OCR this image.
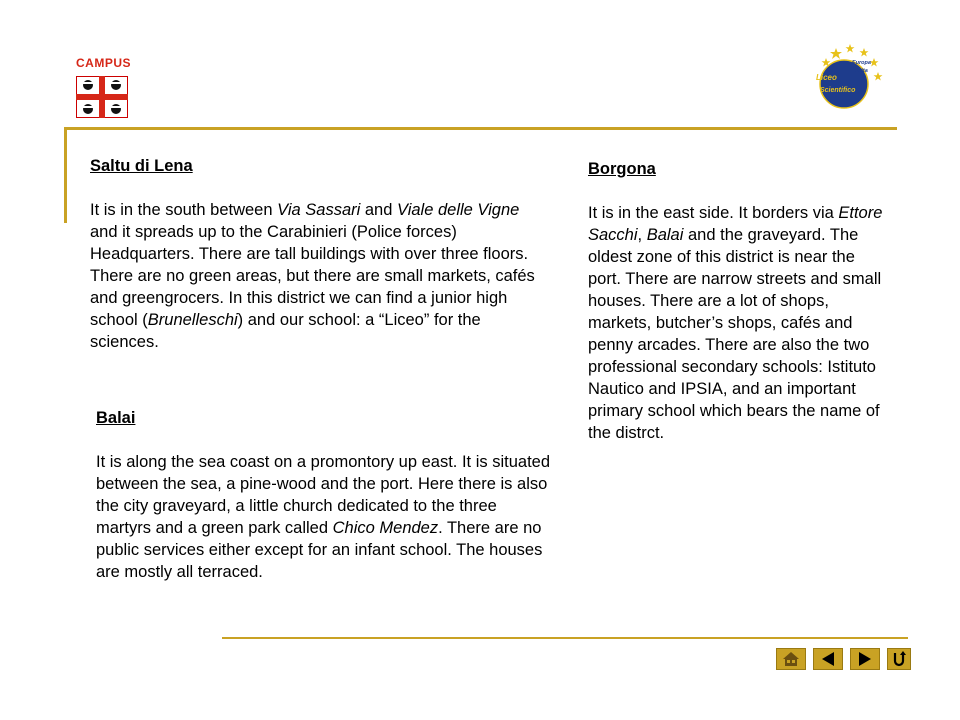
CAMPUS
Liceo
Scientifico
Europa
Unita
Saltu di Lena

It is in the south between Via Sassari and Viale delle Vigne and it spreads up to the Carabinieri (Police forces) Headquarters. There are tall buildings with over three floors. There are no green areas, but there are small markets, cafés and greengrocers. In this district we can find a junior high school (Brunelleschi) and our school: a “Liceo” for the sciences.

Balai

It is along the sea coast on a promontory up east. It is situated between the sea, a pine-wood and the port. Here there is also the city graveyard, a little church dedicated to the three martyrs and a green park called Chico Mendez. There are no public services either except for an infant school. The houses are mostly all terraced.

Borgona

It is in the east side. It borders via Ettore Sacchi, Balai and the graveyard. The oldest zone of this district is near the port. There are narrow streets and small houses. There are a lot of shops, markets, butcher’s shops, cafés and penny arcades. There are also the two professional secondary schools: Istituto Nautico and IPSIA, and an important primary school which bears the name of the distrct.
